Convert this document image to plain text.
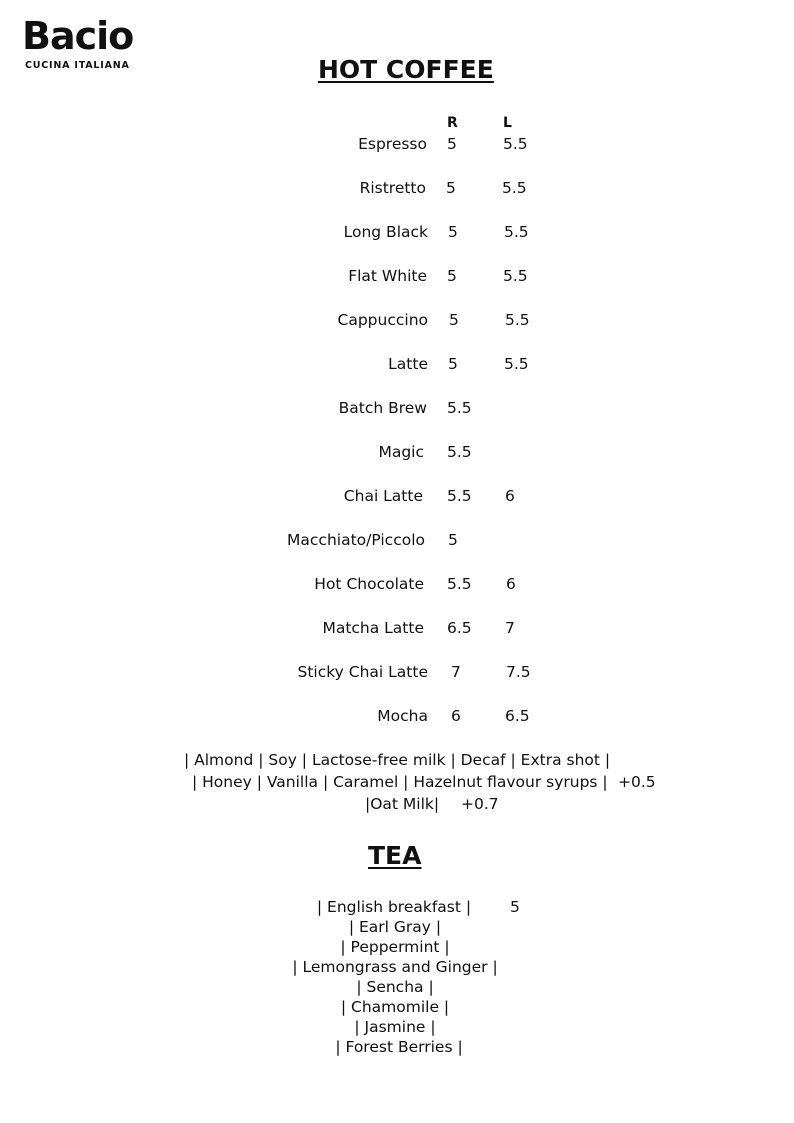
Bacio
CUCINA ITALIANA	HOT COFFEE
R	L
Espresso 5	5.5
Ristretto 5	5.5
Long Black 5	5.5
Flat White 5	5.5
Cappuccino 5	5.5
Latte 5	5.5
Batch Brew 5.5
Magic 5.5
Chai Latte 5.5 6
Macchiato/Piccolo 5
Hot Chocolate 5.5 6
Matcha Latte 6.5 7
Sticky Chai Latte 7	7.5
Mocha 6	6.5
| Almond | Soy | Lactose-free milk | Decaf | Extra shot |
| Honey | Vanilla | Caramel | Hazelnut flavour syrups | +0.5
|Oat Milk| +0.7
TEA
| English breakfast |
| Earl Gray |
| Peppermint |
| Lemongrass and Ginger |
| Sencha |
| Chamomile |
| Jasmine |
| Forest Berries |
5
